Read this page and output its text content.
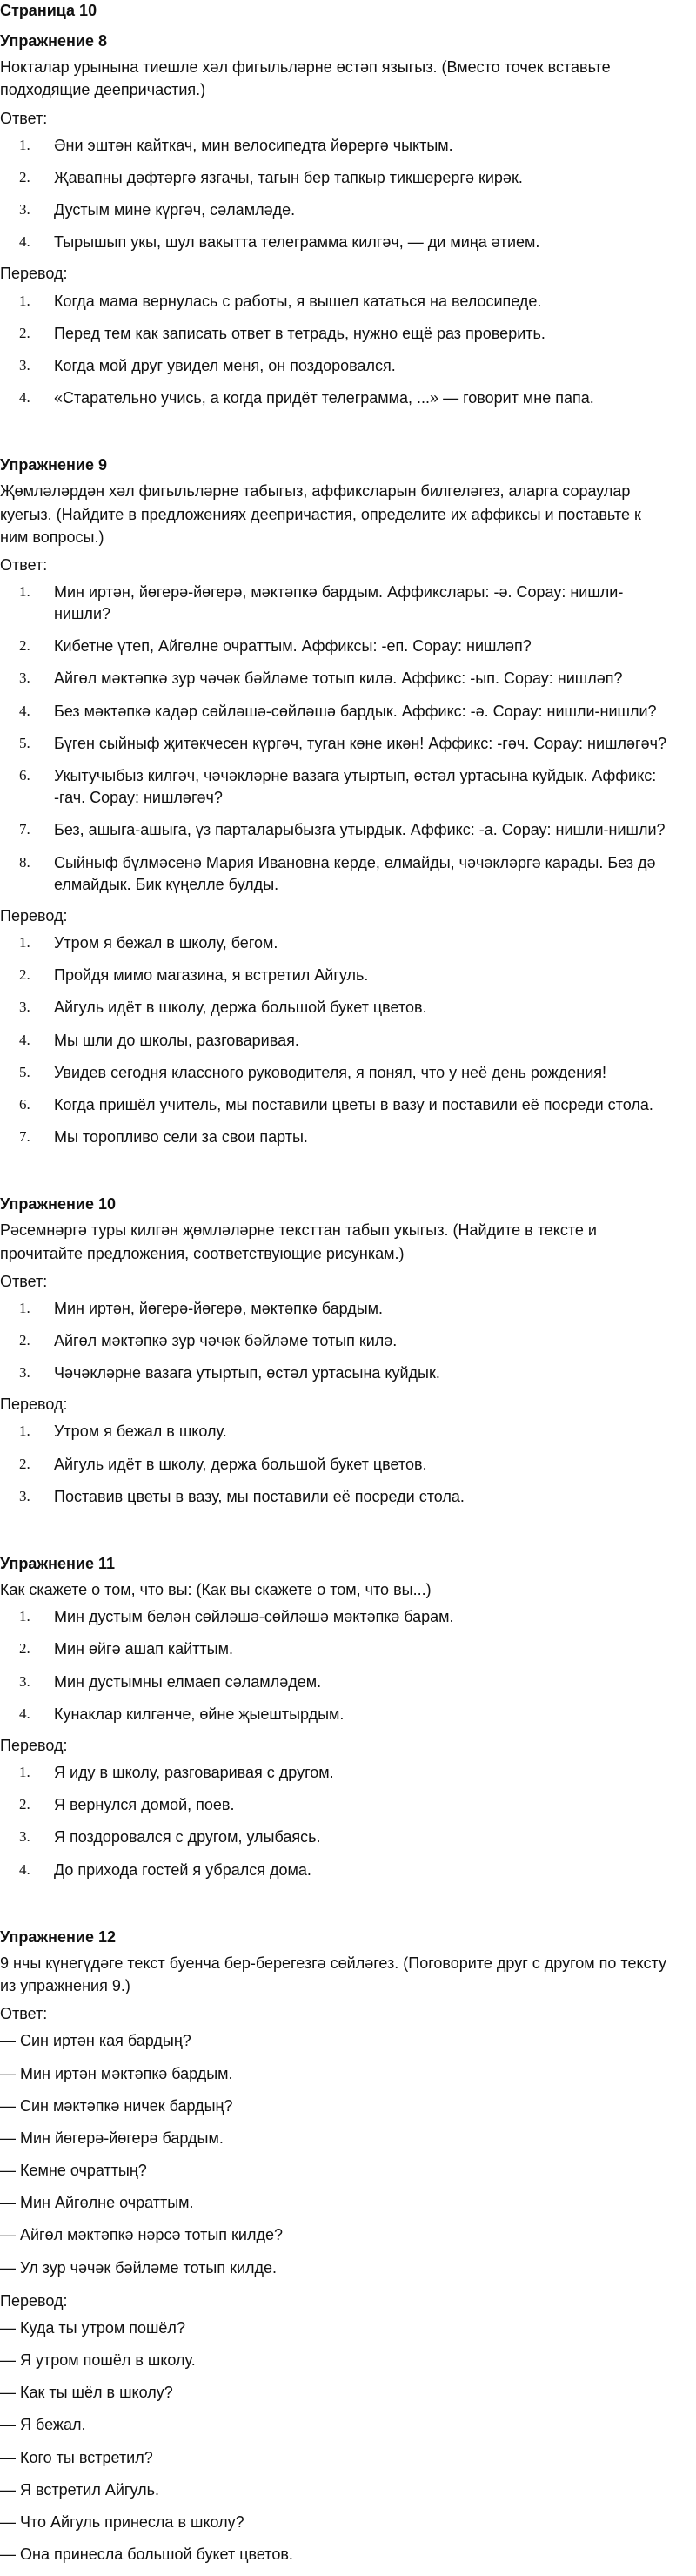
Страница 10
Упражнение 8
Нокталар урынына тиешле хәл фигыльләрне өстәп языгыз. (Вместо точек вставьте подходящие деепричастия.)
Ответ:
1.	Әни эштән кайткач, мин велосипедта йөрергә чыктым.
2.	Җавапны дәфтәргә язгачы, тагын бер тапкыр тикшерергә кирәк.
3.	Дустым мине күргәч, сәламләде.
4.	Тырышып укы, шул вакытта телеграмма килгәч, — ди миңа әтием.
Перевод:
1.	Когда мама вернулась с работы, я вышел кататься на велосипеде.
2.	Перед тем как записать ответ в тетрадь, нужно ещё раз проверить.
3.	Когда мой друг увидел меня, он поздоровался.
4.	«Старательно учись, а когда придёт телеграмма, ...» — говорит мне папа.
Упражнение 9
Җөмләләрдән хәл фигыльләрне табыгыз, аффиксларын билгеләгез, аларга сораулар куегыз. (Найдите в предложениях деепричастия, определите их аффиксы и поставьте к ним вопросы.)
Ответ:
1.	Мин иртән, йөгерә-йөгерә, мәктәпкә бардым. Аффикслары: -ә. Сорау: нишли-нишли?
2.	Кибетне үтеп, Айгөлне очраттым. Аффиксы: -еп. Сорау: нишләп?
3.	Айгөл мәктәпкә зур чәчәк бәйләме тотып килә. Аффикс: -ып. Сорау: нишләп?
4.	Без мәктәпкә кадәр сөйләшә-сөйләшә бардык. Аффикс: -ә. Сорау: нишли-нишли?
5.	Бүген сыйныф җитәкчесен күргәч, туган көне икән! Аффикс: -гәч. Сорау: нишләгәч?
6.	Укытучыбыз килгәч, чәчәкләрне вазага утыртып, өстәл уртасына куйдык. Аффикс: -гач. Сорау: нишләгәч?
7.	Без, ашыга-ашыга, үз парталарыбызга утырдык. Аффикс: -а. Сорау: нишли-нишли?
8.	Сыйныф бүлмәсенә Мария Ивановна керде, елмайды, чәчәкләргә карады. Без дә елмайдык. Бик күңелле булды.
Перевод:
1.	Утром я бежал в школу, бегом.
2.	Пройдя мимо магазина, я встретил Айгуль.
3.	Айгуль идёт в школу, держа большой букет цветов.
4.	Мы шли до школы, разговаривая.
5.	Увидев сегодня классного руководителя, я понял, что у неё день рождения!
6.	Когда пришёл учитель, мы поставили цветы в вазу и поставили её посреди стола.
7.	Мы торопливо сели за свои парты.
Упражнение 10
Рәсемнәргә туры килгән җөмләләрне тексттан табып укыгыз. (Найдите в тексте и прочитайте предложения, соответствующие рисункам.)
Ответ:
1.	Мин иртән, йөгерә-йөгерә, мәктәпкә бардым.
2.	Айгөл мәктәпкә зур чәчәк бәйләме тотып килә.
3.	Чәчәкләрне вазага утыртып, өстәл уртасына куйдык.
Перевод:
1.	Утром я бежал в школу.
2.	Айгуль идёт в школу, держа большой букет цветов.
3.	Поставив цветы в вазу, мы поставили её посреди стола.
Упражнение 11
Как скажете о том, что вы: (Как вы скажете о том, что вы...)
1.	Мин дустым белән сөйләшә-сөйләшә мәктәпкә барам.
2.	Мин өйгә ашап кайттым.
3.	Мин дустымны елмаеп сәламләдем.
4.	Кунаклар килгәнче, өйне җыештырдым.
Перевод:
1.	Я иду в школу, разговаривая с другом.
2.	Я вернулся домой, поев.
3.	Я поздоровался с другом, улыбаясь.
4.	До прихода гостей я убрался дома.
Упражнение 12
9 нчы күнегүдәге текст буенча бер-берегезгә сөйләгез. (Поговорите друг с другом по тексту из упражнения 9.)
Ответ:
— Син иртән кая бардың?
— Мин иртән мәктәпкә бардым.
— Син мәктәпкә ничек бардың?
— Мин йөгерә-йөгерә бардым.
— Кемне очраттың?
— Мин Айгөлне очраттым.
— Айгөл мәктәпкә нәрсә тотып килде?
— Ул зур чәчәк бәйләме тотып килде.
Перевод:
— Куда ты утром пошёл?
— Я утром пошёл в школу.
— Как ты шёл в школу?
— Я бежал.
— Кого ты встретил?
— Я встретил Айгуль.
— Что Айгуль принесла в школу?
— Она принесла большой букет цветов.
